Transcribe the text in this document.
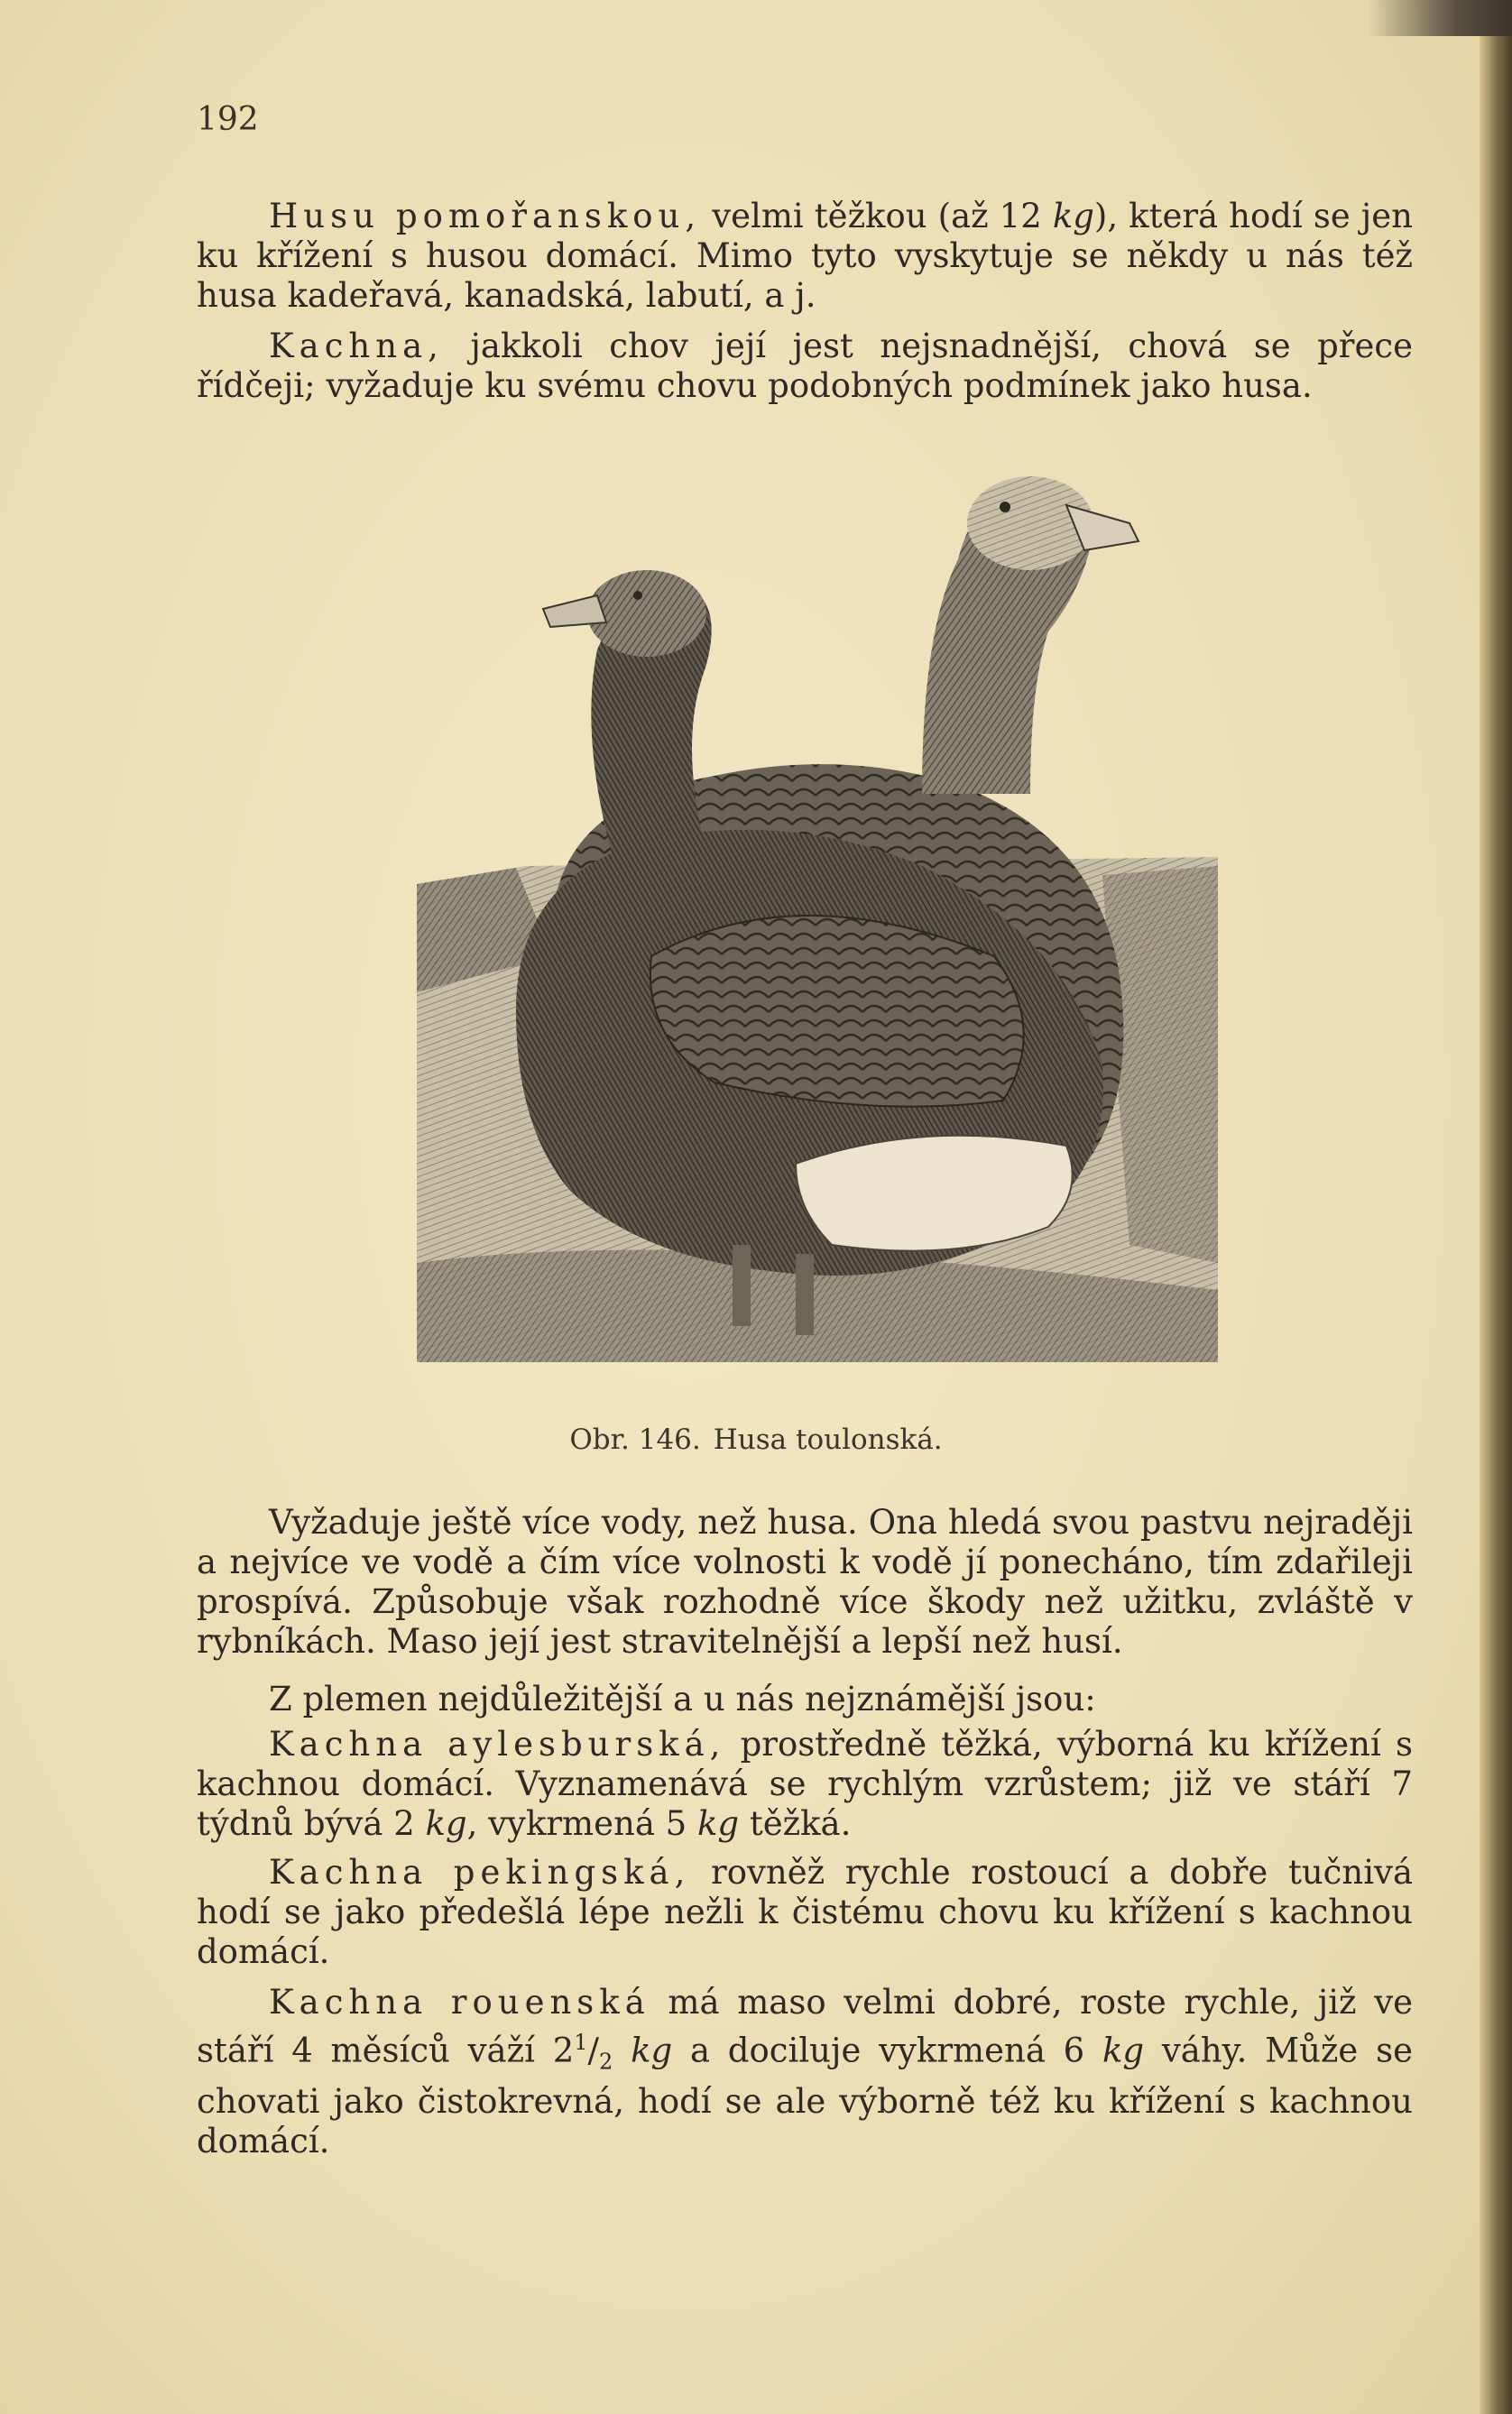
192

Husu pomořanskou, velmi těžkou (až 12 kg), která hodí se jen ku křížení s husou domácí. Mimo tyto vyskytuje se někdy u nás též husa kadeřavá, kanadská, labutí, a j.

Kachna, jakkoli chov její jest nejsnadnější, chová se přece řídčeji; vyžaduje ku svému chovu podobných podmínek jako husa.

Obr. 146. Husa toulonská.

Vyžaduje ještě více vody, než husa. Ona hledá svou pastvu nejraději a nejvíce ve vodě a čím více volnosti k vodě jí ponecháno, tím zdařileji prospívá. Způsobuje však rozhodně více škody než užitku, zvláště v rybníkách. Maso její jest stravitelnější a lepší než husí.

Z plemen nejdůležitější a u nás nejznámější jsou:

Kachna aylesburská, prostředně těžká, výborná ku křížení s kachnou domácí. Vyznamenává se rychlým vzrůstem; již ve stáří 7 týdnů bývá 2 kg, vykrmená 5 kg těžká.

Kachna pekingská, rovněž rychle rostoucí a dobře tučnivá hodí se jako předešlá lépe nežli k čistému chovu ku křížení s kachnou domácí.

Kachna rouenská má maso velmi dobré, roste rychle, již ve stáří 4 měsíců váží $2^1/_2$ kg a dociluje vykrmená 6 kg váhy. Může se chovati jako čistokrevná, hodí se ale výborně též ku křížení s kachnou domácí.
